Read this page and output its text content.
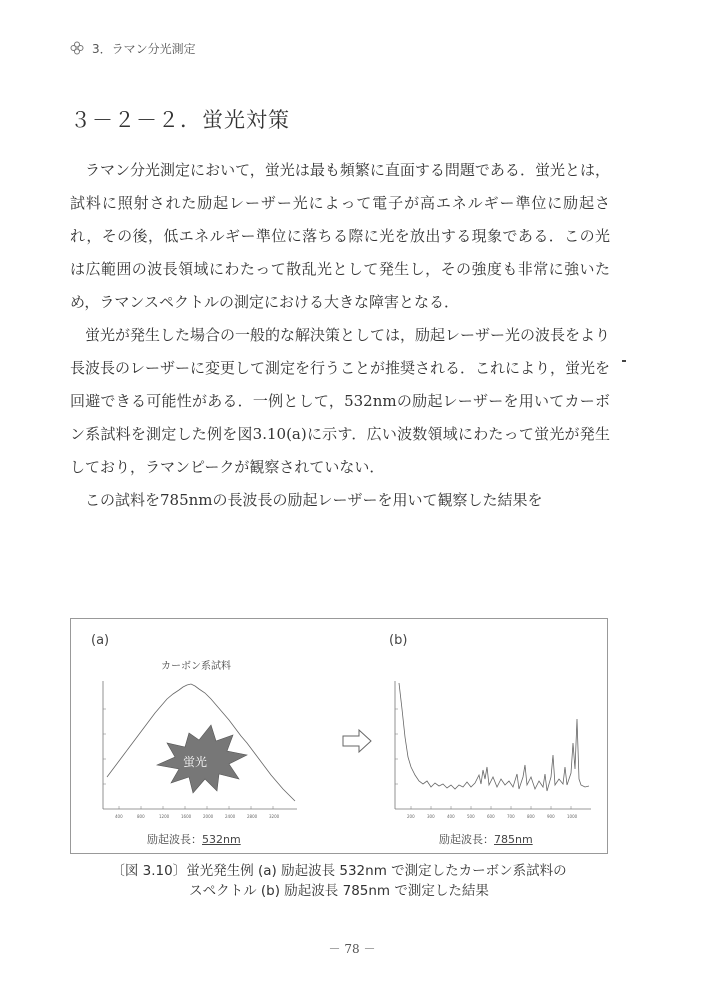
3．ラマン分光測定
３－２－２．蛍光対策

ラマン分光測定において，蛍光は最も頻繁に直面する問題である．蛍光とは，試料に照射された励起レーザー光によって電子が高エネルギー準位に励起され，その後，低エネルギー準位に落ちる際に光を放出する現象である．この光は広範囲の波長領域にわたって散乱光として発生し，その強度も非常に強いため，ラマンスペクトルの測定における大きな障害となる．

蛍光が発生した場合の一般的な解決策としては，励起レーザー光の波長をより長波長のレーザーに変更して測定を行うことが推奨される．これにより，蛍光を回避できる可能性がある．一例として，532nmの励起レーザーを用いてカーボン系試料を測定した例を図3.10(a)に示す．広い波数領域にわたって蛍光が発生しており，ラマンピークが観察されていない．

この試料を785nmの長波長の励起レーザーを用いて観察した結果を

(a)
カーボン系試料
400	800	1200	1600	2000	2400	2800	3200	200	300	400	500	600	700	800	900	1000
蛍光
励起波長：532nm
(b)
励起波長：785nm
〔図 3.10〕蛍光発生例 (a) 励起波長 532nm で測定したカーボン系試料の
スペクトル (b) 励起波長 785nm で測定した結果
－ 78 －
